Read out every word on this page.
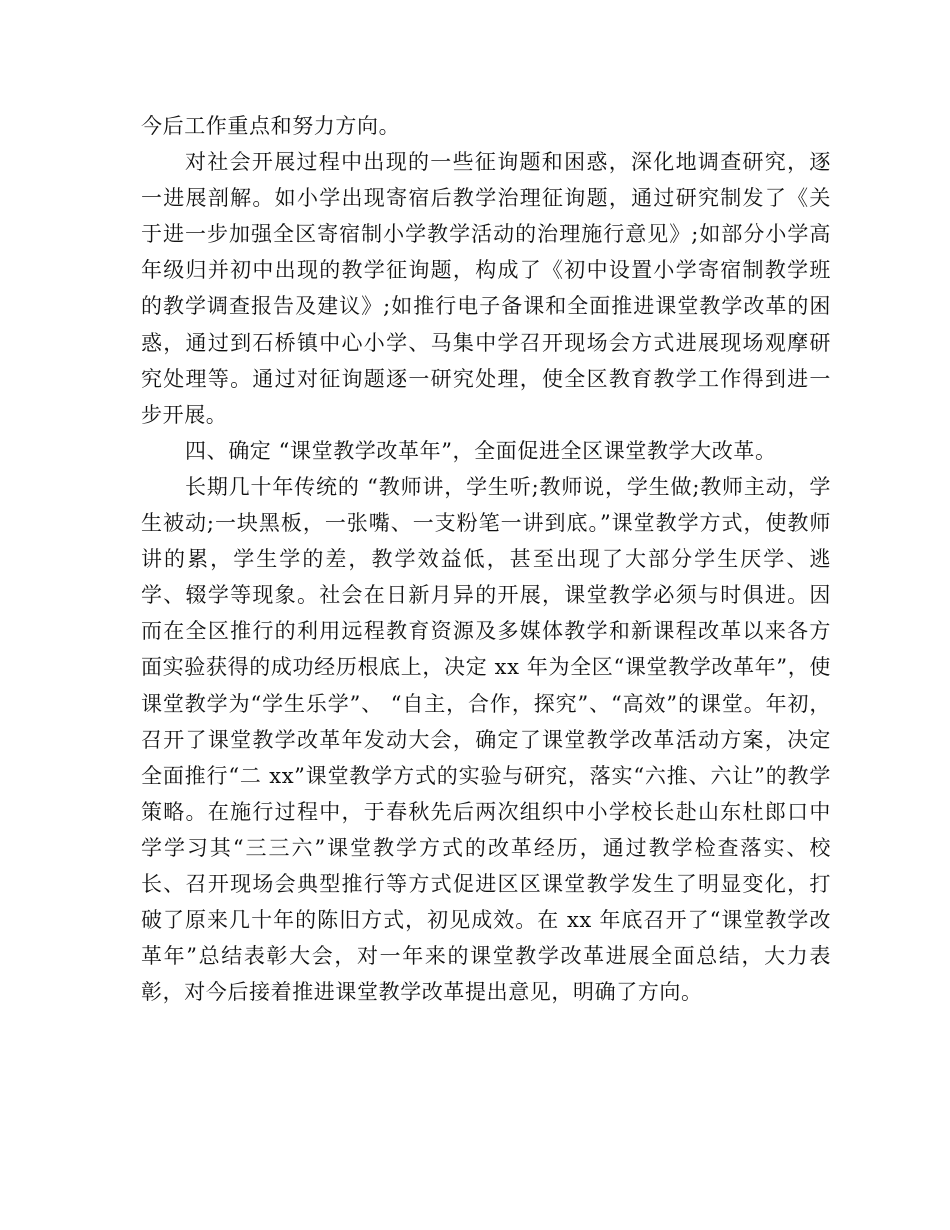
今后工作重点和努力方向。

对社会开展过程中出现的一些征询题和困惑，深化地调查研究，逐一进展剖解。如小学出现寄宿后教学治理征询题，通过研究制发了《关于进一步加强全区寄宿制小学教学活动的治理施行意见》;如部分小学高年级归并初中出现的教学征询题，构成了《初中设置小学寄宿制教学班的教学调查报告及建议》;如推行电子备课和全面推进课堂教学改革的困惑，通过到石桥镇中心小学、马集中学召开现场会方式进展现场观摩研究处理等。通过对征询题逐一研究处理，使全区教育教学工作得到进一步开展。

四、确定 “课堂教学改革年”，全面促进全区课堂教学大改革。

长期几十年传统的 “教师讲，学生听;教师说，学生做;教师主动，学生被动;一块黑板，一张嘴、一支粉笔一讲到底。”课堂教学方式，使教师讲的累，学生学的差，教学效益低，甚至出现了大部分学生厌学、逃学、辍学等现象。社会在日新月异的开展，课堂教学必须与时俱进。因而在全区推行的利用远程教育资源及多媒体教学和新课程改革以来各方面实验获得的成功经历根底上，决定 xx 年为全区“课堂教学改革年”，使课堂教学为“学生乐学”、 “自主，合作，探究”、“高效”的课堂。年初，召开了课堂教学改革年发动大会，确定了课堂教学改革活动方案，决定全面推行“二 xx”课堂教学方式的实验与研究，落实“六推、六让”的教学策略。在施行过程中，于春秋先后两次组织中小学校长赴山东杜郎口中学学习其“三三六”课堂教学方式的改革经历，通过教学检查落实、校长、召开现场会典型推行等方式促进区区课堂教学发生了明显变化，打破了原来几十年的陈旧方式，初见成效。在 xx 年底召开了“课堂教学改革年”总结表彰大会，对一年来的课堂教学改革进展全面总结，大力表彰，对今后接着推进课堂教学改革提出意见，明确了方向。
